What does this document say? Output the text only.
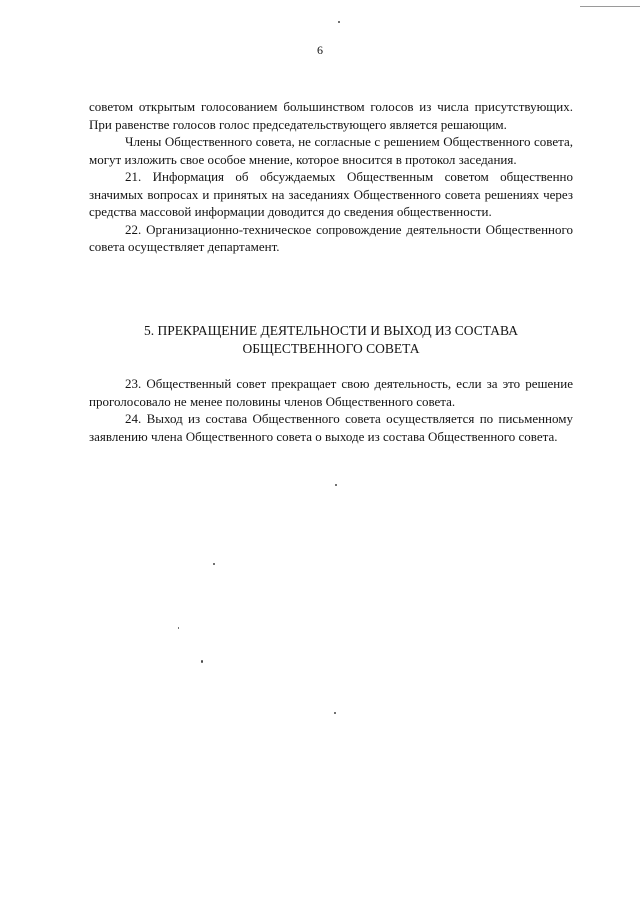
6

советом открытым голосованием большинством голосов из числа присутствующих. При равенстве голосов голос председательствующего является решающим.

Члены Общественного совета, не согласные с решением Общественного совета, могут изложить свое особое мнение, которое вносится в протокол заседания.

21. Информация об обсуждаемых Общественным советом общественно значимых вопросах и принятых на заседаниях Общественного совета решениях через средства массовой информации доводится до сведения общественности.

22. Организационно-техническое сопровождение деятельности Общественного совета осуществляет департамент.

5. ПРЕКРАЩЕНИЕ ДЕЯТЕЛЬНОСТИ И ВЫХОД ИЗ СОСТАВА
ОБЩЕСТВЕННОГО СОВЕТА

23. Общественный совет прекращает свою деятельность, если за это решение проголосовало не менее половины членов Общественного совета.

24. Выход из состава Общественного совета осуществляется по письменному заявлению члена Общественного совета о выходе из состава Общественного совета.
